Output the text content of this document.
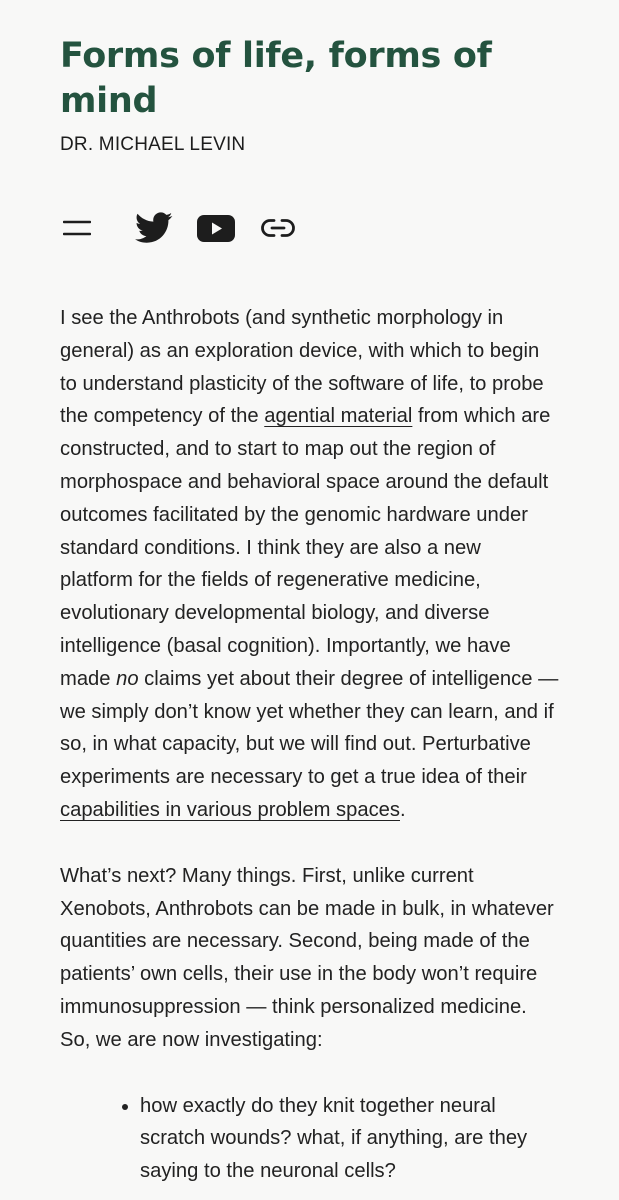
Forms of life, forms of mind
DR. MICHAEL LEVIN

I see the Anthrobots (and synthetic morphology in general) as an exploration device, with which to begin to understand plasticity of the software of life, to probe the competency of the agential material from which are constructed, and to start to map out the region of morphospace and behavioral space around the default outcomes facilitated by the genomic hardware under standard conditions. I think they are also a new platform for the fields of regenerative medicine, evolutionary developmental biology, and diverse intelligence (basal cognition). Importantly, we have made no claims yet about their degree of intelligence — we simply don’t know yet whether they can learn, and if so, in what capacity, but we will find out. Perturbative experiments are necessary to get a true idea of their capabilities in various problem spaces.

What’s next? Many things. First, unlike current Xenobots, Anthrobots can be made in bulk, in whatever quantities are necessary. Second, being made of the patients’ own cells, their use in the body won’t require immunosuppression — think personalized medicine. So, we are now investigating:

• how exactly do they knit together neural scratch wounds? what, if anything, are they saying to the neuronal cells?
